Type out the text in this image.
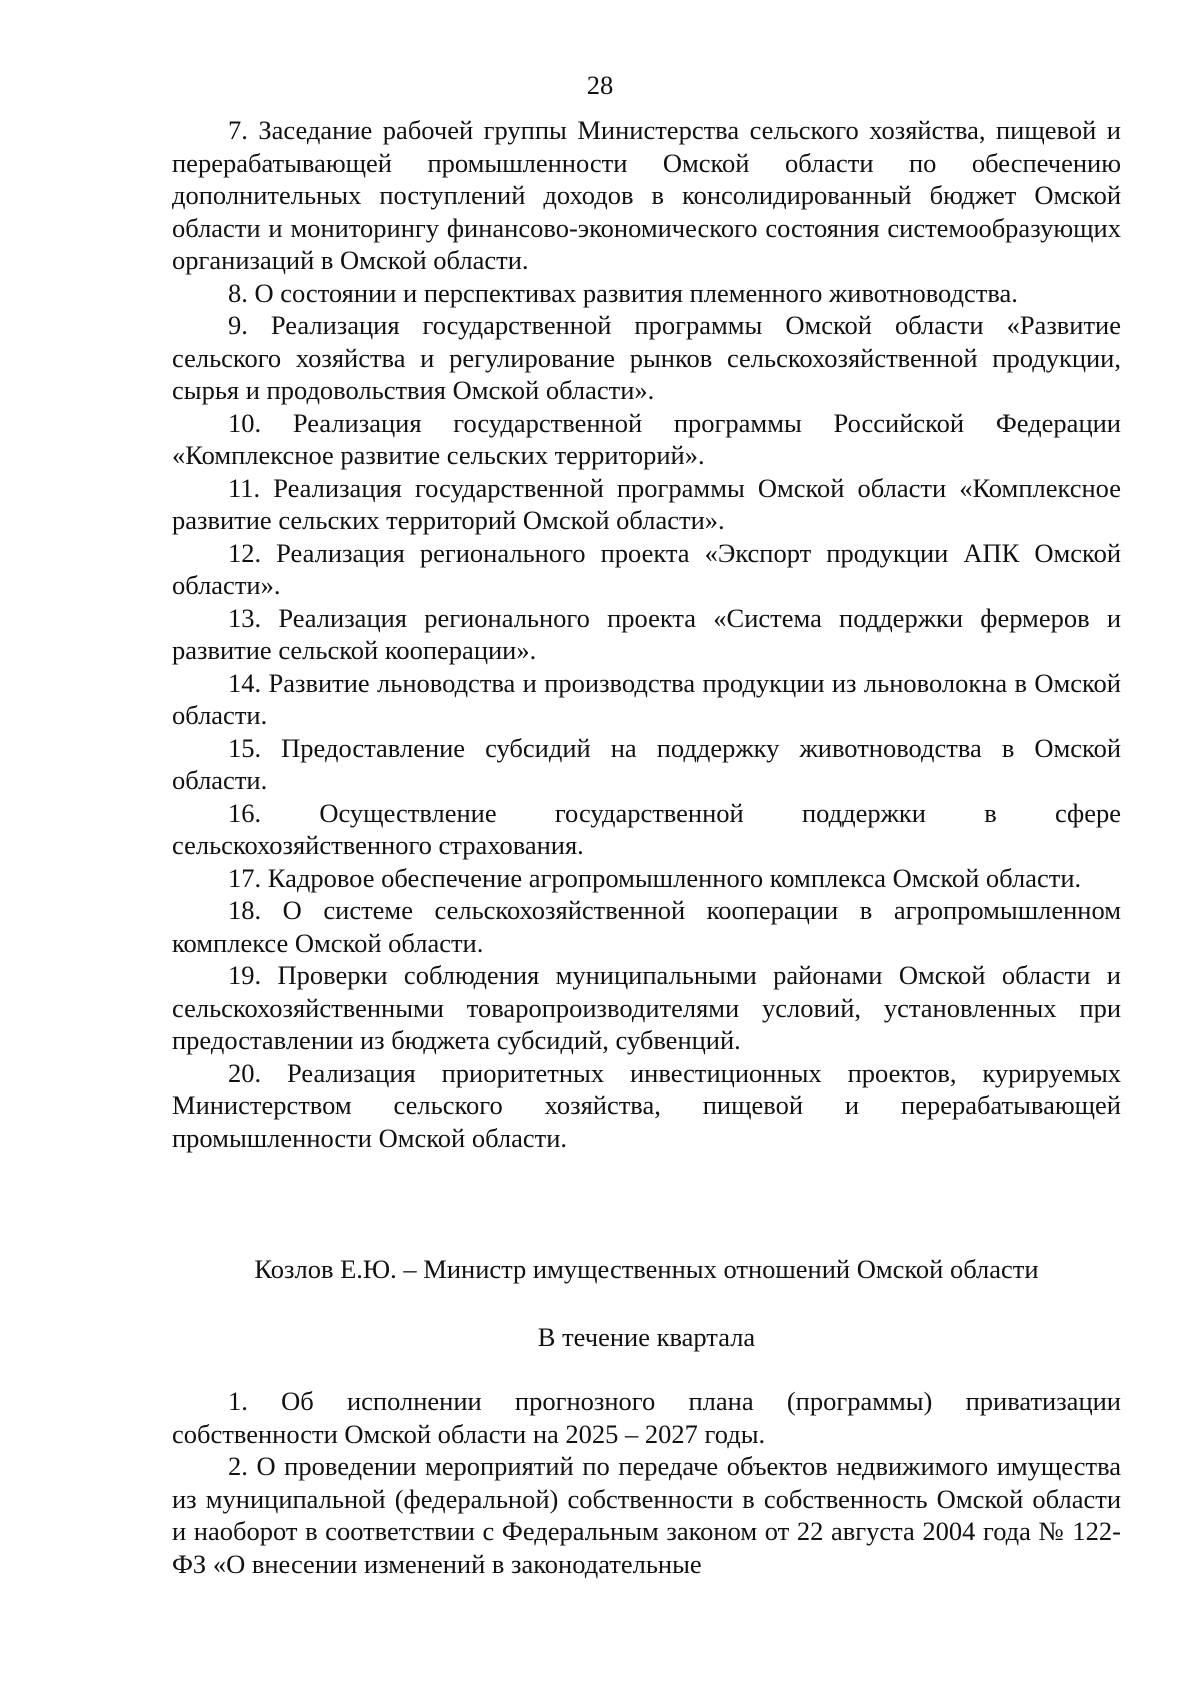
28

7. Заседание рабочей группы Министерства сельского хозяйства, пищевой и перерабатывающей промышленности Омской области по обеспечению дополнительных поступлений доходов в консолидированный бюджет Омской области и мониторингу финансово-экономического состояния системообразующих организаций в Омской области.

8. О состоянии и перспективах развития племенного животноводства.

9. Реализация государственной программы Омской области «Развитие сельского хозяйства и регулирование рынков сельскохозяйственной продукции, сырья и продовольствия Омской области».

10. Реализация государственной программы Российской Федерации «Комплексное развитие сельских территорий».

11. Реализация государственной программы Омской области «Комплексное развитие сельских территорий Омской области».

12. Реализация регионального проекта «Экспорт продукции АПК Омской области».

13. Реализация регионального проекта «Система поддержки фермеров и развитие сельской кооперации».

14. Развитие льноводства и производства продукции из льноволокна в Омской области.

15. Предоставление субсидий на поддержку животноводства в Омской области.

16. Осуществление государственной поддержки в сфере сельскохозяйственного страхования.

17. Кадровое обеспечение агропромышленного комплекса Омской области.

18. О системе сельскохозяйственной кооперации в агропромышленном комплексе Омской области.

19. Проверки соблюдения муниципальными районами Омской области и сельскохозяйственными товаропроизводителями условий, установленных при предоставлении из бюджета субсидий, субвенций.

20. Реализация приоритетных инвестиционных проектов, курируемых Министерством сельского хозяйства, пищевой и перерабатывающей промышленности Омской области.

Козлов Е.Ю. – Министр имущественных отношений Омской области
В течение квартала

1. Об исполнении прогнозного плана (программы) приватизации собственности Омской области на 2025 – 2027 годы.

2. О проведении мероприятий по передаче объектов недвижимого имущества из муниципальной (федеральной) собственности в собственность Омской области и наоборот в соответствии с Федеральным законом от 22 августа 2004 года № 122-ФЗ «О внесении изменений в законодательные
